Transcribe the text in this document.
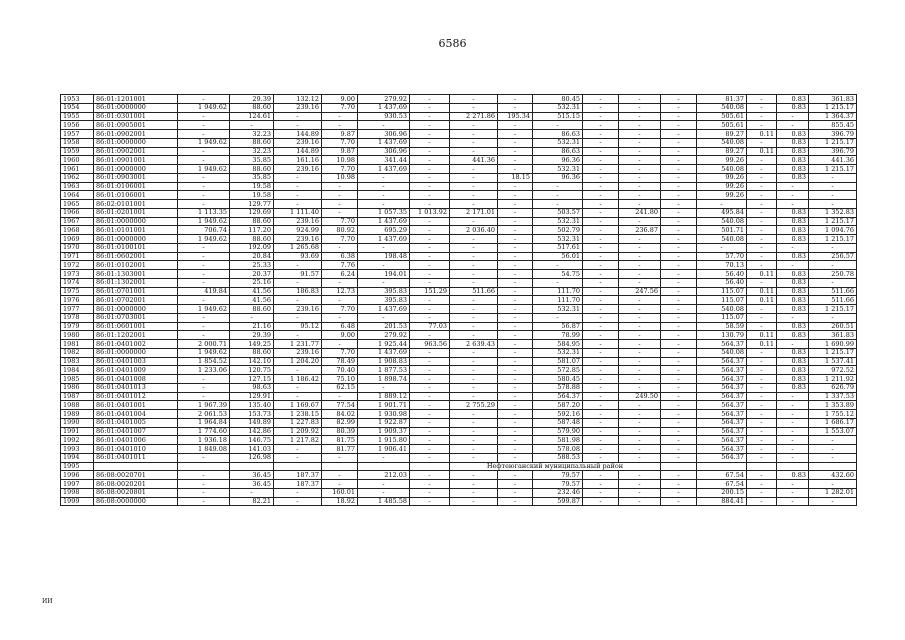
6586
1953	86:01:1201001	-	29.39	132.12	9.00	279.92	-	-	-	80.45	-	-	-	81.37	-	0.83	361.83
1954	86:01:0000000	1 949.62	88.60	239.16	7.70	1 437.69	-	-	-	532.31	-	-	-	540.08	-	0.83	1 215.17
1955	86:01:0301001	-	124.61	-	-	930.53	-	2 271.86	195.34	515.15	-	-	-	505.61	-	-	1 364.37
1956	86:01:0905001	-	-	-	-	-	-	-	-	-	-	-	-	505.61	-	-	855.45
1957	86:01:0902001	-	32.23	144.89	9.87	306.96	-	-	-	86.63	-	-	-	89.27	0.11	0.83	396.79
1958	86:01:0000000	1 949.62	88.60	239.16	7.70	1 437.69	-	-	-	532.31	-	-	-	540.08	-	0.83	1 215.17
1959	86:01:0902001	-	32.23	144.89	9.87	306.96	-	-	-	86.63	-	-	-	89.27	0.11	0.83	396.79
1960	86:01:0901001	-	35.85	161.16	10.98	341.44	-	441.36	-	96.36	-	-	-	99.26	-	0.83	441.36
1961	86:01:0000000	1 949.62	88.60	239.16	7.70	1 437.69	-	-	-	532.31	-	-	-	540.08	-	0.83	1 215.17
1962	86:01:0903001	-	35.85	-	10.98	-	-	-	18.15	96.36	-	-	-	99.26	-	0.83	-
1963	86:01:0106001	-	19.58	-	-	-	-	-	-	-	-	-	-	99.26	-	-	-
1964	86:01:0106001	-	19.58	-	-	-	-	-	-	-	-	-	-	99.26	-	-	-
1965	86:02:0101001	-	129.77	-	-	-	-	-	-	-	-	-	-	-	-	-	-
1966	86:01:0201001	1 113.35	129.69	1 111.40	-	1 057.35	1 013.92	2 171.01	-	503.57	-	241.80	-	495.84	-	0.83	1 352.83
1967	86:01:0000000	1 949.62	88.60	239.16	7.70	1 437.69	-	-	-	532.31	-	-	-	540.08	-	0.83	1 215.17
1968	86:01:0101001	706.74	117.20	924.99	80.92	695.29	-	2 036.40	-	502.79	-	236.87	-	501.71	-	0.83	1 094.76
1969	86:01:0000000	1 949.62	88.60	239.16	7.70	1 437.69	-	-	-	532.31	-	-	-	540.08	-	0.83	1 215.17
1970	86:01:0100101	-	192.09	1 265.68	-	-	-	-	-	517.61	-	-	-	-	-	-	-
1971	86:01:0602001	-	20.84	93.69	6.38	198.48	-	-	-	56.01	-	-	-	57.70	-	0.83	256.57
1972	86:01:0102001	-	25.33	-	7.76	-	-	-	-	-	-	-	-	70.13	-	-	-
1973	86:01:1303001	-	20.37	91.57	6.24	194.01	-	-	-	54.75	-	-	-	56.40	0.11	0.83	250.78
1974	86:01:1302001	-	25.16	-	-	-	-	-	-	-	-	-	-	56.40	-	0.83	-
1975	86:01:0701001	419.84	41.56	186.83	12.73	395.83	151.29	511.66	-	111.70	-	247.56	-	115.07	0.11	0.83	511.66
1976	86:01:0702001	-	41.56	-	-	395.83	-	-	-	111.70	-	-	-	115.07	0.11	0.83	511.66
1977	86:01:0000000	1 949.62	88.60	239.16	7.70	1 437.69	-	-	-	532.31	-	-	-	540.08	-	0.83	1 215.17
1978	86:01:0703001	-	-	-	-	-	-	-	-	-	-	-	-	115.07	-	-	-
1979	86:01:0601001	-	21.16	95.12	6.48	201.53	77.03	-	-	56.87	-	-	-	58.59	-	0.83	260.51
1980	86:01:1202001	-	29.39	-	9.00	279.92	-	-	-	78.99	-	-	-	130.79	0.11	0.83	361.83
1981	86:01:0401002	2 000.71	149.25	1 231.77	-	1 925.44	963.56	2 639.43	-	584.95	-	-	-	564.37	0.11	-	1 690.99
1982	86:01:0000000	1 949.62	88.60	239.16	7.70	1 437.69	-	-	-	532.31	-	-	-	540.08	-	0.83	1 215.17
1983	86:01:0401003	1 854.52	142.10	1 204.20	78.49	1 908.83	-	-	-	581.07	-	-	-	564.37	-	0.83	1 537.41
1984	86:01:0401009	1 233.06	120.75	-	70.40	1 877.53	-	-	-	572.85	-	-	-	564.37	-	0.83	972.52
1985	86:01:0401008	-	127.15	1 186.42	75.10	1 898.74	-	-	-	580.45	-	-	-	564.37	-	0.83	1 211.92
1986	86:01:0401013	-	98.63	-	62.15	-	-	-	-	578.88	-	-	-	564.37	-	0.83	626.79
1987	86:01:0401012	-	129.91	-	-	1 889.12	-	-	-	564.37	-	249.50	-	564.37	-	-	1 337.53
1988	86:01:0401001	1 967.39	135.40	1 169.67	77.54	1 901.71	-	2 755.29	-	587.20	-	-	-	564.37	-	-	1 353.89
1989	86:01:0401004	2 061.53	153.73	1 238.15	84.02	1 930.98	-	-	-	592.16	-	-	-	564.37	-	-	1 755.12
1990	86:01:0401005	1 964.84	149.89	1 227.83	82.99	1 922.87	-	-	-	587.48	-	-	-	564.37	-	-	1 686.17
1991	86:01:0401007	1 774.60	142.86	1 209.92	80.39	1 909.37	-	-	-	579.90	-	-	-	564.37	-	-	1 553.07
1992	86:01:0401006	1 936.18	146.75	1 217.82	81.75	1 915.80	-	-	-	581.98	-	-	-	564.37	-	-	-
1993	86:01:0401010	1 849.08	141.03	-	81.77	1 906.41	-	-	-	578.08	-	-	-	564.37	-	-	-
1994	86:01:0401011	-	126.98	-	-	-	-	-	-	588.53	-	-	-	564.37	-	-	-
1995								Нефтеюганский муниципальный район									
1996	86:08:0020701	-	36.45	187.37	-	212.03	-	-	-	79.57	-	-	-	67.54	-	0.83	432.60
1997	86:08:0020201	-	36.45	187.37	-	-	-	-	-	79.57	-	-	-	67.54	-	-	-
1998	86:08:0020801	-	-	-	160.01	-	-	-	-	232.46	-	-	-	200.15	-	-	1 282.01
1999	86:08:0000000	-	82.21	-	18.92	1 485.58	-	-	-	599.87	-	-	-	884.41	-	-	-
ИИ
